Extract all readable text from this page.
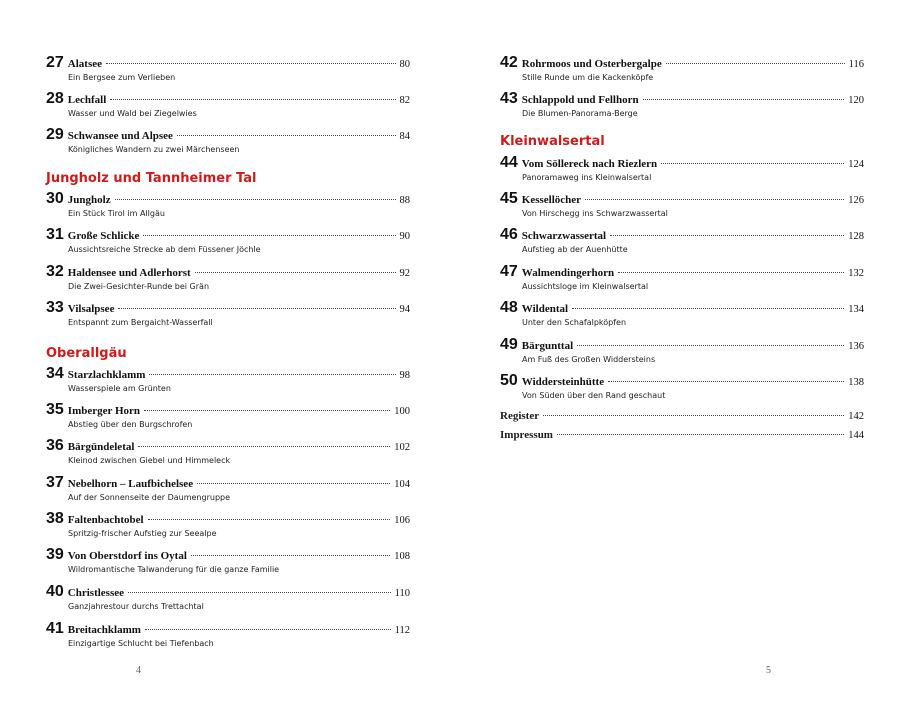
27 Alatsee	80
Ein Bergsee zum Verlieben
28 Lechfall	82
Wasser und Wald bei Ziegelwies
29 Schwansee und Alpsee	84
Königliches Wandern zu zwei Märchenseen
Jungholz und Tannheimer Tal
30 Jungholz	88
Ein Stück Tirol im Allgäu
31 Große Schlicke	90
Aussichtsreiche Strecke ab dem Füssener Jöchle
32 Haldensee und Adlerhorst	92
Die Zwei-Gesichter-Runde bei Grän
33 Vilsalpsee	94
Entspannt zum Bergaicht-Wasserfall
Oberallgäu
34 Starzlachklamm	98
Wasserspiele am Grünten
35 Imberger Horn	100
Abstieg über den Burgschrofen
36 Bärgündeletal	102
Kleinod zwischen Giebel und Himmeleck
37 Nebelhorn – Laufbichelsee	104
Auf der Sonnenseite der Daumengruppe
38 Faltenbachtobel	106
Spritzig-frischer Aufstieg zur Seealpe
39 Von Oberstdorf ins Oytal	108
Wildromantische Talwanderung für die ganze Familie
40 Christlessee	110
Ganzjahrestour durchs Trettachtal
41 Breitachklamm	112
Einzigartige Schlucht bei Tiefenbach
42 Rohrmoos und Osterbergalpe	116
Stille Runde um die Kackenköpfe
43 Schlappold und Fellhorn	120
Die Blumen-Panorama-Berge
Kleinwalsertal
44 Vom Söllereck nach Riezlern	124
Panoramaweg ins Kleinwalsertal
45 Kessellöcher	126
Von Hirschegg ins Schwarzwassertal
46 Schwarzwassertal	128
Aufstieg ab der Auenhütte
47 Walmendingerhorn	132
Aussichtsloge im Kleinwalsertal
48 Wildental	134
Unter den Schafalpköpfen
49 Bärgunttal	136
Am Fuß des Großen Widdersteins
50 Widdersteinhütte	138
Von Süden über den Rand geschaut
Register	142
Impressum	144
4	5
